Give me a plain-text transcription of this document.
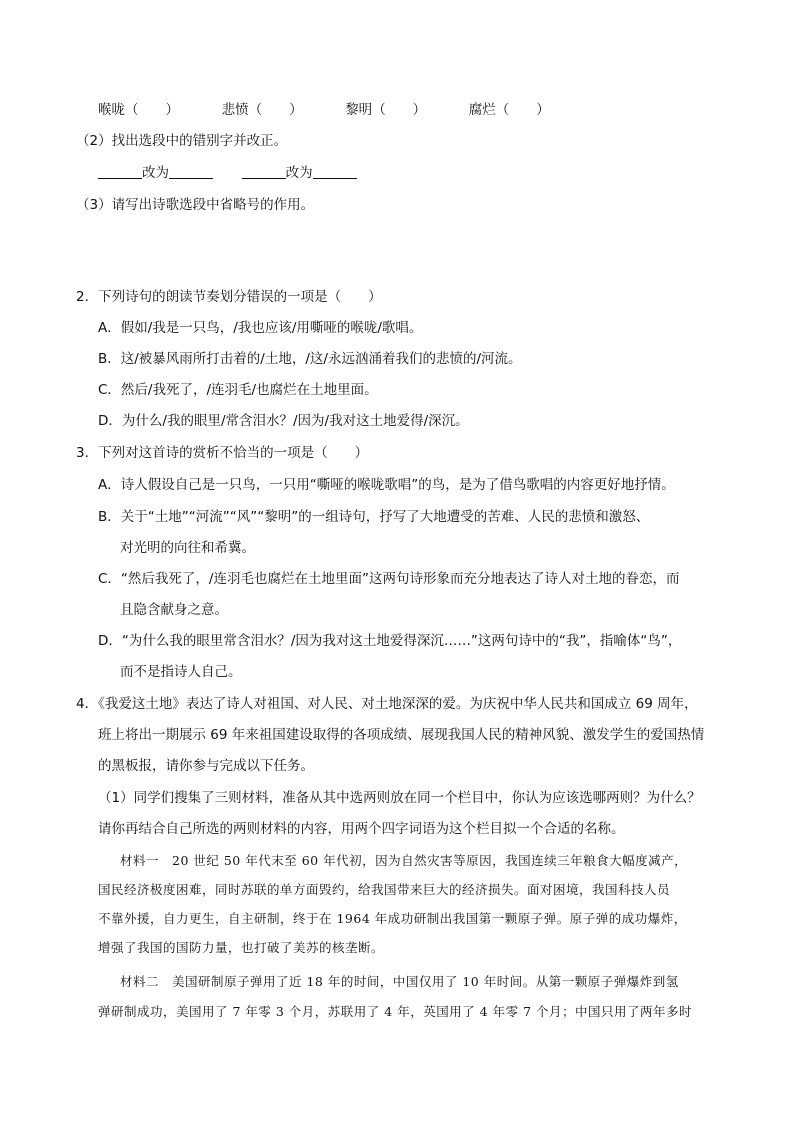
喉咙（　　）	悲愤（　　）	黎明（　　）	腐烂（　　）
（2）找出选段中的错别字并改正。
改为	改为
（3）请写出诗歌选段中省略号的作用。
2．下列诗句的朗读节奏划分错误的一项是（　　）
A．假如/我是一只鸟，/我也应该/用嘶哑的喉咙/歌唱。
B．这/被暴风雨所打击着的/土地，/这/永远汹涌着我们的悲愤的/河流。
C．然后/我死了，/连羽毛/也腐烂在土地里面。
D．为什么/我的眼里/常含泪水？/因为/我对这土地爱得/深沉。
3．下列对这首诗的赏析不恰当的一项是（　　）
A．诗人假设自己是一只鸟，一只用“嘶哑的喉咙歌唱”的鸟，是为了借鸟歌唱的内容更好地抒情。
B．关于“土地”“河流”“风”“黎明”的一组诗句，抒写了大地遭受的苦难、人民的悲愤和激怒、
对光明的向往和希冀。
C．“然后我死了，/连羽毛也腐烂在土地里面”这两句诗形象而充分地表达了诗人对土地的眷恋，而
且隐含献身之意。
D．“为什么我的眼里常含泪水？/因为我对这土地爱得深沉……”这两句诗中的“我”，指喻体“鸟”，
而不是指诗人自己。
4．《我爱这土地》表达了诗人对祖国、对人民、对土地深深的爱。为庆祝中华人民共和国成立 69 周年，
班上将出一期展示 69 年来祖国建设取得的各项成绩、展现我国人民的精神风貌、激发学生的爱国热情
的黑板报，请你参与完成以下任务。
（1）同学们搜集了三则材料，准备从其中选两则放在同一个栏目中，你认为应该选哪两则？为什么？
请你再结合自己所选的两则材料的内容，用两个四字词语为这个栏目拟一个合适的名称。
材料一　20 世纪 50 年代末至 60 年代初，因为自然灾害等原因，我国连续三年粮食大幅度减产，
国民经济极度困难，同时苏联的单方面毁约，给我国带来巨大的经济损失。面对困境，我国科技人员
不靠外援，自力更生，自主研制，终于在 1964 年成功研制出我国第一颗原子弹。原子弹的成功爆炸，
增强了我国的国防力量，也打破了美苏的核垄断。
材料二　美国研制原子弹用了近 18 年的时间，中国仅用了 10 年时间。从第一颗原子弹爆炸到氢
弹研制成功，美国用了 7 年零 3 个月，苏联用了 4 年，英国用了 4 年零 7 个月；中国只用了两年多时
